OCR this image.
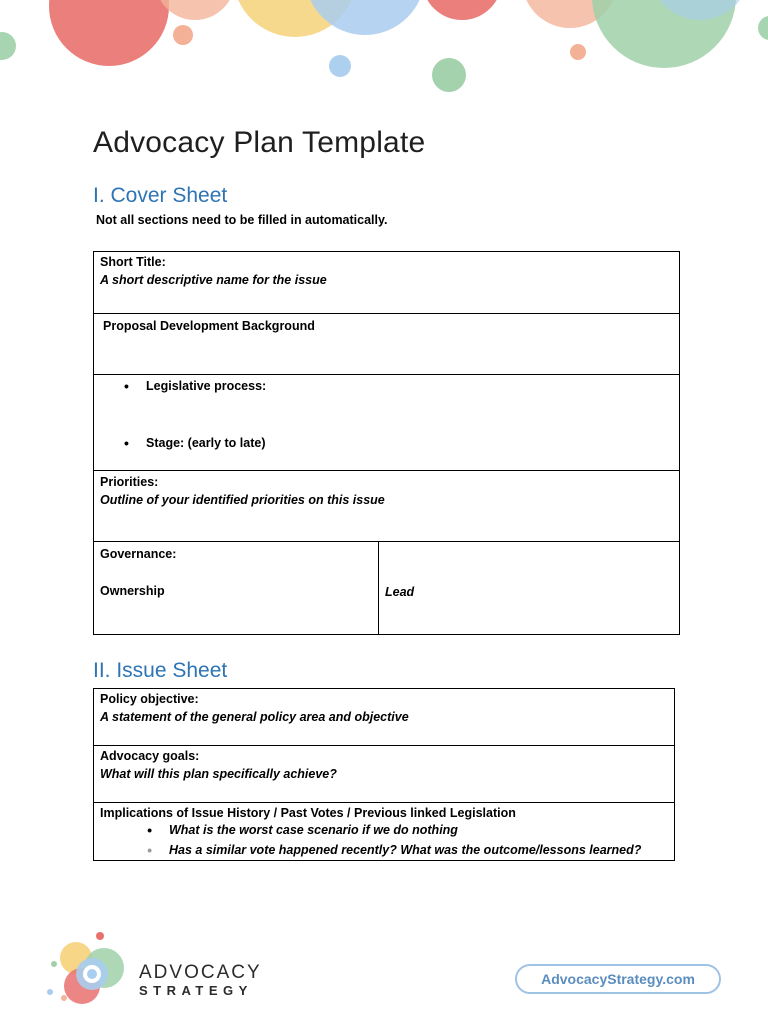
Advocacy Plan Template
I. Cover Sheet
Not all sections need to be filled in automatically.
Short Title:
A short descriptive name for the issue
Proposal Development Background
• Legislative process:
• Stage: (early to late)
Priorities:
Outline of your identified priorities on this issue
Governance:
Ownership	Lead
II. Issue Sheet
Policy objective:
A statement of the general policy area and objective
Advocacy goals:
What will this plan specifically achieve?
Implications of Issue History / Past Votes / Previous linked Legislation
• What is the worst case scenario if we do nothing
• Has a similar vote happened recently? What was the outcome/lessons learned?
ADVOCACY
STRATEGY
AdvocacyStrategy.com
